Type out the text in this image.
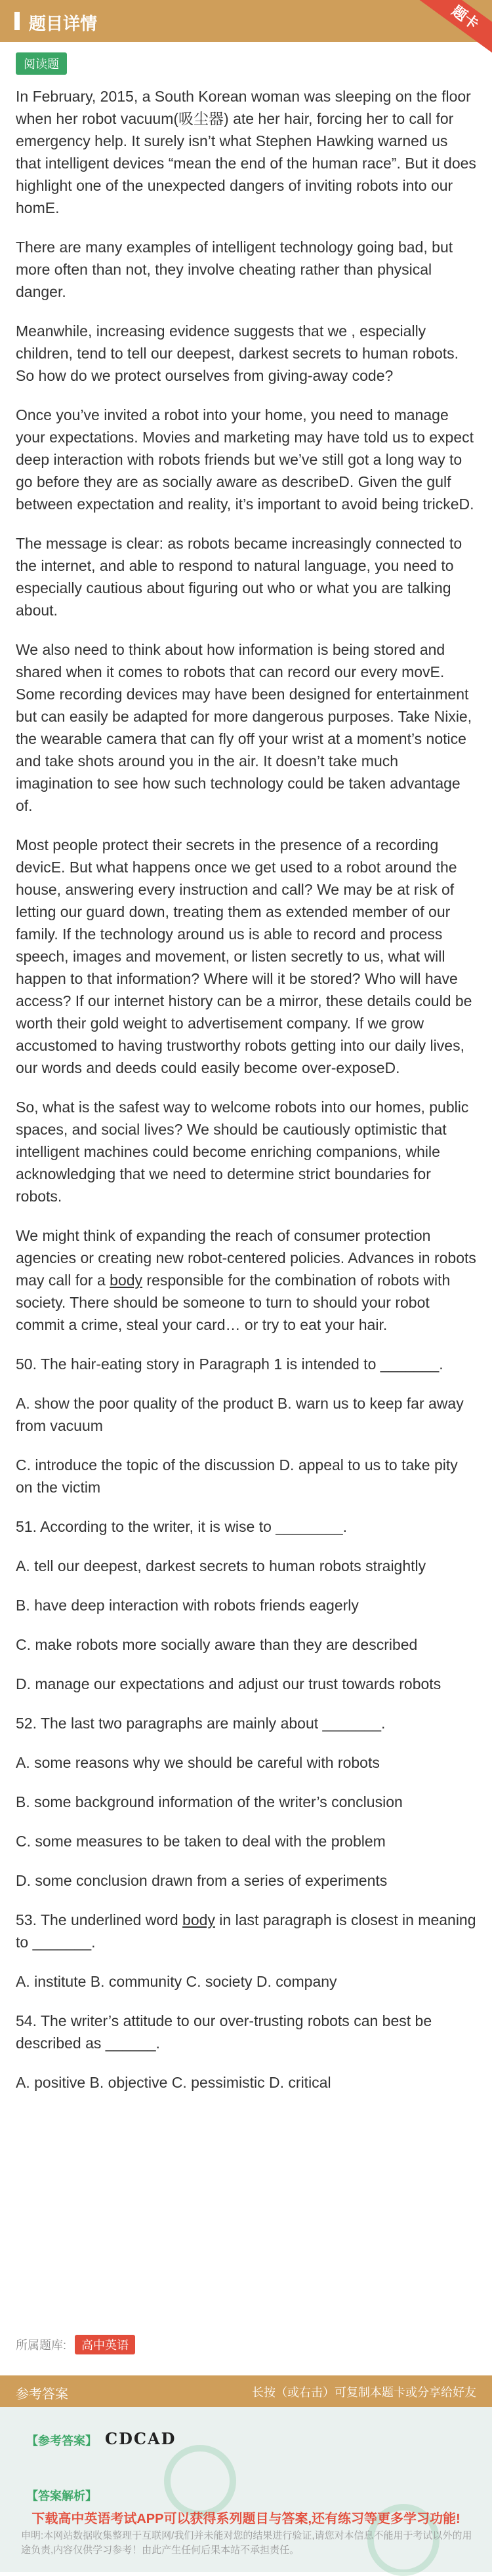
题目详情	题卡
阅读题

In February, 2015, a South Korean woman was sleeping on the floor when her robot vacuum(吸尘器) ate her hair, forcing her to call for emergency help. It surely isn’t what Stephen Hawking warned us that intelligent devices “mean the end of the human race”. But it does highlight one of the unexpected dangers of inviting robots into our homE.

There are many examples of intelligent technology going bad, but more often than not, they involve cheating rather than physical danger.

Meanwhile, increasing evidence suggests that we , especially children, tend to tell our deepest, darkest secrets to human robots. So how do we protect ourselves from giving-away code?

Once you’ve invited a robot into your home, you need to manage your expectations. Movies and marketing may have told us to expect deep interaction with robots friends but we’ve still got a long way to go before they are as socially aware as describeD. Given the gulf between expectation and reality, it’s important to avoid being trickeD.

The message is clear: as robots became increasingly connected to the internet, and able to respond to natural language, you need to especially cautious about figuring out who or what you are talking about.

We also need to think about how information is being stored and shared when it comes to robots that can record our every movE. Some recording devices may have been designed for entertainment but can easily be adapted for more dangerous purposes. Take Nixie, the wearable camera that can fly off your wrist at a moment’s notice and take shots around you in the air. It doesn’t take much imagination to see how such technology could be taken advantage of.

Most people protect their secrets in the presence of a recording devicE. But what happens once we get used to a robot around the house, answering every instruction and call? We may be at risk of letting our guard down, treating them as extended member of our family. If the technology around us is able to record and process speech, images and movement, or listen secretly to us, what will happen to that information? Where will it be stored? Who will have access? If our internet history can be a mirror, these details could be worth their gold weight to advertisement company. If we grow accustomed to having trustworthy robots getting into our daily lives, our words and deeds could easily become over-exposeD.

So, what is the safest way to welcome robots into our homes, public spaces, and social lives? We should be cautiously optimistic that intelligent machines could become enriching companions, while acknowledging that we need to determine strict boundaries for robots.

We might think of expanding the reach of consumer protection agencies or creating new robot-centered policies. Advances in robots may call for a body responsible for the combination of robots with society. There should be someone to turn to should your robot commit a crime, steal your card… or try to eat your hair.

50. The hair-eating story in Paragraph 1 is intended to _______.

A. show the poor quality of the product B. warn us to keep far away from vacuum

C. introduce the topic of the discussion D. appeal to us to take pity on the victim

51. According to the writer, it is wise to ________.

A. tell our deepest, darkest secrets to human robots straightly

B. have deep interaction with robots friends eagerly

C. make robots more socially aware than they are described

D. manage our expectations and adjust our trust towards robots

52. The last two paragraphs are mainly about _______.

A. some reasons why we should be careful with robots

B. some background information of the writer’s conclusion

C. some measures to be taken to deal with the problem

D. some conclusion drawn from a series of experiments

53. The underlined word body in last paragraph is closest in meaning to _______.

A. institute B. community C. society D. company

54. The writer’s attitude to our over-trusting robots can best be described as ______.

A. positive B. objective C. pessimistic D. critical

所属题库: 高中英语
参考答案	长按（或右击）可复制本题卡或分享给好友
【参考答案】 CDCAD
【答案解析】
下载高中英语考试APP可以获得系列题目与答案,还有练习等更多学习功能!
申明:本网站数据收集整理于互联网/我们并未能对您的结果进行验证,请您对本信息不能用于考试以外的用途负责,内容仅供学习参考！由此产生任何后果本站不承担责任。
